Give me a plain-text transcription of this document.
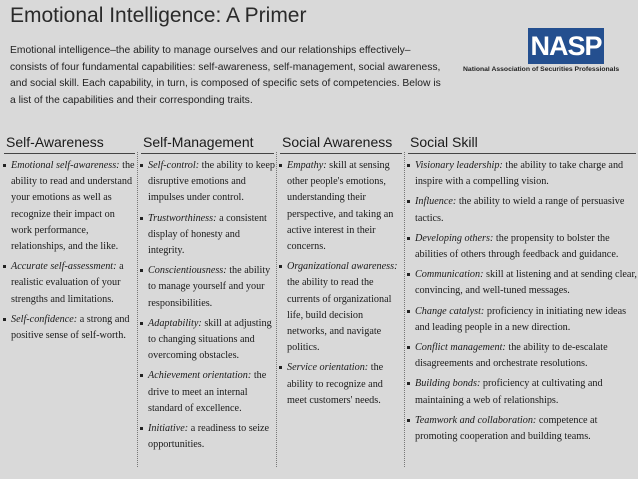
Emotional Intelligence: A Primer
Emotional intelligence–the ability to manage ourselves and our relationships effectively–consists of four fundamental capabilities: self-awareness, self-management, social awareness, and social skill. Each capability, in turn, is composed of specific sets of competencies. Below is a list of the capabilities and their corresponding traits.
NASP
National Association of Securities Professionals
Self-Awareness
Emotional self-awareness: the ability to read and understand your emotions as well as recognize their impact on work performance, relationships, and the like.
Accurate self-assessment: a realistic evaluation of your strengths and limitations.
Self-confidence: a strong and positive sense of self-worth.
Self-Management
Self-control: the ability to keep disruptive emotions and impulses under control.
Trustworthiness: a consistent display of honesty and integrity.
Conscientiousness: the ability to manage yourself and your responsibilities.
Adaptability: skill at adjusting to changing situations and overcoming obstacles.
Achievement orientation: the drive to meet an internal standard of excellence.
Initiative: a readiness to seize opportunities.
Social Awareness
Empathy: skill at sensing other people's emotions, understanding their perspective, and taking an active interest in their concerns.
Organizational awareness: the ability to read the currents of organizational life, build decision networks, and navigate politics.
Service orientation: the ability to recognize and meet customers' needs.
Social Skill
Visionary leadership: the ability to take charge and inspire with a compelling vision.
Influence: the ability to wield a range of persuasive tactics.
Developing others: the propensity to bolster the abilities of others through feedback and guidance.
Communication: skill at listening and at sending clear, convincing, and well-tuned messages.
Change catalyst: proficiency in initiating new ideas and leading people in a new direction.
Conflict management: the ability to de-escalate disagreements and orchestrate resolutions.
Building bonds: proficiency at cultivating and maintaining a web of relationships.
Teamwork and collaboration: competence at promoting cooperation and building teams.
